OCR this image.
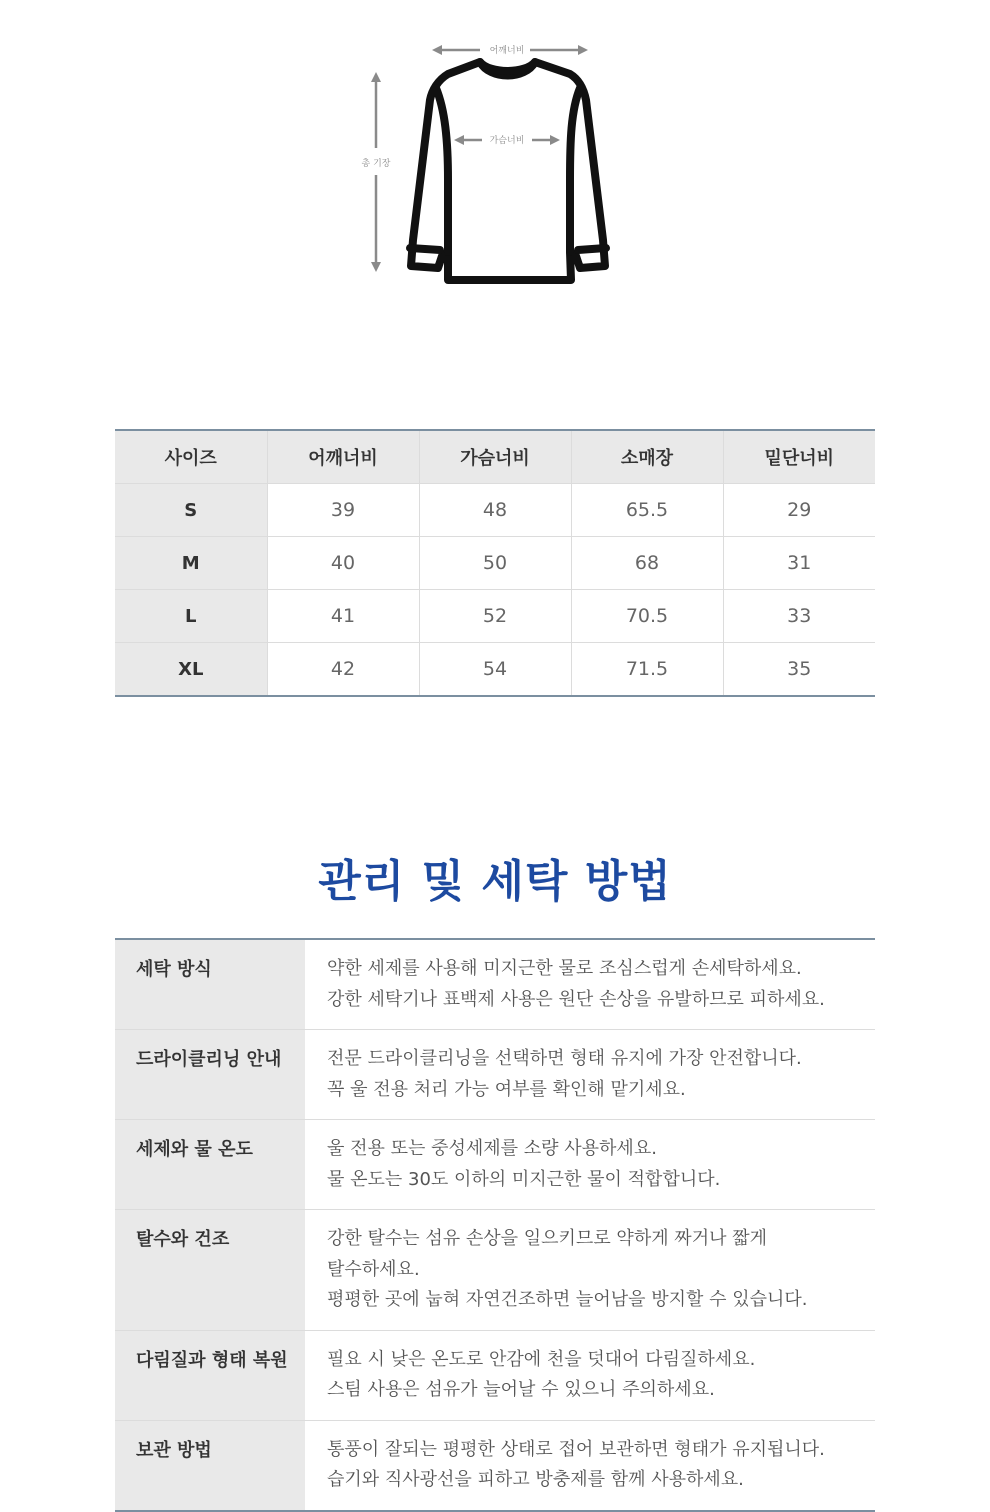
어깨너비
가슴너비
총 기장
사이즈	어깨너비	가슴너비	소매장	밑단너비
S	39	48	65.5	29
M	40	50	68	31
L	41	52	70.5	33
XL	42	54	71.5	35
관리 및 세탁 방법
세탁 방식	약한 세제를 사용해 미지근한 물로 조심스럽게 손세탁하세요.
강한 세탁기나 표백제 사용은 원단 손상을 유발하므로 피하세요.

드라이클리닝 안내	전문 드라이클리닝을 선택하면 형태 유지에 가장 안전합니다.
꼭 울 전용 처리 가능 여부를 확인해 맡기세요.

세제와 물 온도	울 전용 또는 중성세제를 소량 사용하세요.
물 온도는 30도 이하의 미지근한 물이 적합합니다.

탈수와 건조	강한 탈수는 섬유 손상을 일으키므로 약하게 짜거나 짧게
탈수하세요.
평평한 곳에 눕혀 자연건조하면 늘어남을 방지할 수 있습니다.

다림질과 형태 복원	필요 시 낮은 온도로 안감에 천을 덧대어 다림질하세요.
스팀 사용은 섬유가 늘어날 수 있으니 주의하세요.

보관 방법	통풍이 잘되는 평평한 상태로 접어 보관하면 형태가 유지됩니다.
습기와 직사광선을 피하고 방충제를 함께 사용하세요.
